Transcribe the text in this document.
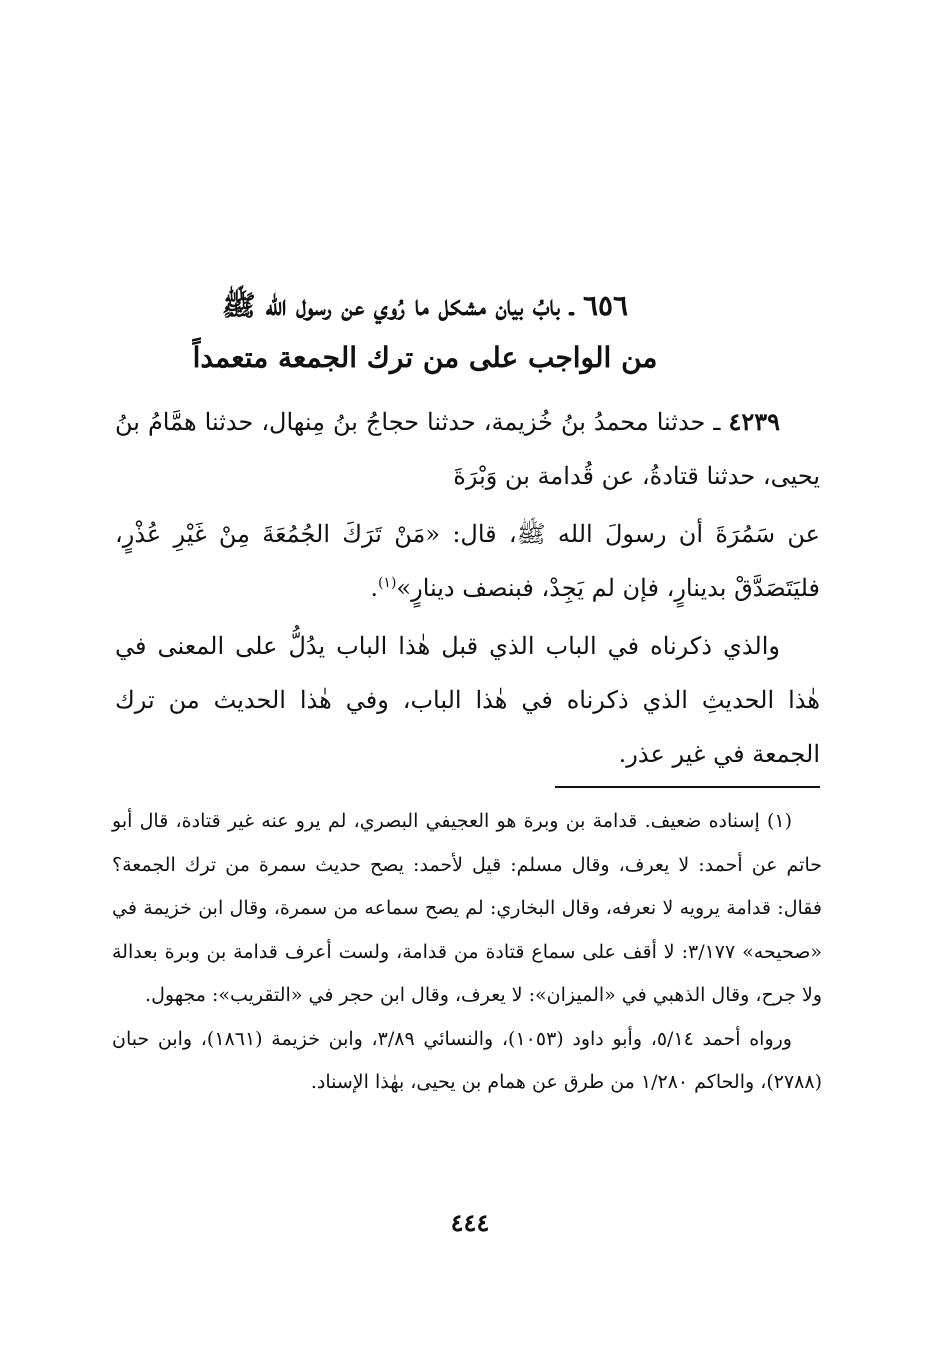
٦٥٦ ـ بابُ بيان مشكل ما رُوي عن رسول الله ﷺ
من الواجب على من ترك الجمعة متعمداً

٤٢٣٩ ـ حدثنا محمدُ بنُ خُزيمة، حدثنا حجاجُ بنُ مِنهال، حدثنا همَّامُ بنُ يحيى، حدثنا قتادةُ، عن قُدامة بن وَبْرَةَ

عن سَمُرَةَ أن رسولَ الله ﷺ، قال: «مَنْ تَرَكَ الجُمُعَةَ مِنْ غَيْرِ عُذْرٍ، فليَتَصَدَّقْ بدينارٍ، فإن لم يَجِدْ، فبنصف دينارٍ»$^{(١)}$.

والذي ذكرناه في الباب الذي قبل هٰذا الباب يدُلُّ على المعنى في هٰذا الحديثِ الذي ذكرناه في هٰذا الباب، وفي هٰذا الحديث من ترك الجمعة في غير عذر.

(١) إسناده ضعيف. قدامة بن وبرة هو العجيفي البصري، لم يرو عنه غير قتادة، قال أبو حاتم عن أحمد: لا يعرف، وقال مسلم: قيل لأحمد: يصح حديث سمرة من ترك الجمعة؟ فقال: قدامة يرويه لا نعرفه، وقال البخاري: لم يصح سماعه من سمرة، وقال ابن خزيمة في «صحيحه» ٣/١٧٧: لا أقف على سماع قتادة من قدامة، ولست أعرف قدامة بن وبرة بعدالة ولا جرح، وقال الذهبي في «الميزان»: لا يعرف، وقال ابن حجر في «التقريب»: مجهول.

ورواه أحمد ٥/١٤، وأبو داود (١٠٥٣)، والنسائي ٣/٨٩، وابن خزيمة (١٨٦١)، وابن حبان (٢٧٨٨)، والحاكم ١/٢٨٠ من طرق عن همام بن يحيى، بهٰذا الإسناد.

٤٤٤
